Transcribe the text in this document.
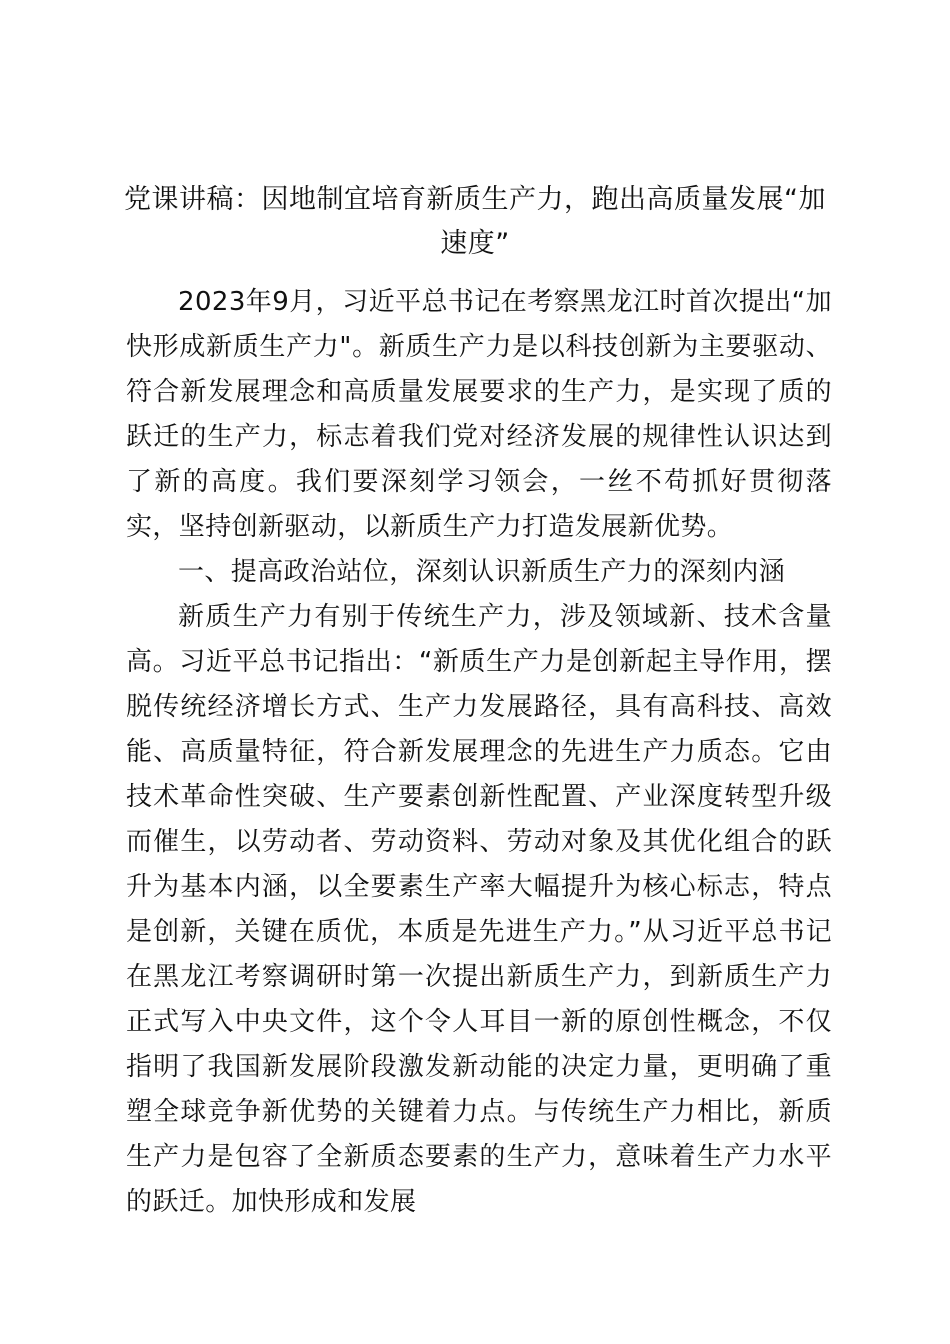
党课讲稿：因地制宜培育新质生产力，跑出高质量发展“加速度”

2023年9月，习近平总书记在考察黑龙江时首次提出“加快形成新质生产力"。新质生产力是以科技创新为主要驱动、符合新发展理念和高质量发展要求的生产力，是实现了质的跃迁的生产力，标志着我们党对经济发展的规律性认识达到了新的高度。我们要深刻学习领会，一丝不苟抓好贯彻落实，坚持创新驱动，以新质生产力打造发展新优势。

一、提高政治站位，深刻认识新质生产力的深刻内涵

新质生产力有别于传统生产力，涉及领域新、技术含量高。习近平总书记指出：“新质生产力是创新起主导作用，摆脱传统经济增长方式、生产力发展路径，具有高科技、高效能、高质量特征，符合新发展理念的先进生产力质态。它由技术革命性突破、生产要素创新性配置、产业深度转型升级而催生，以劳动者、劳动资料、劳动对象及其优化组合的跃升为基本内涵，以全要素生产率大幅提升为核心标志，特点是创新，关键在质优，本质是先进生产力。”从习近平总书记在黑龙江考察调研时第一次提出新质生产力，到新质生产力正式写入中央文件，这个令人耳目一新的原创性概念，不仅指明了我国新发展阶段激发新动能的决定力量，更明确了重塑全球竞争新优势的关键着力点。与传统生产力相比，新质生产力是包容了全新质态要素的生产力，意味着生产力水平的跃迁。加快形成和发展
